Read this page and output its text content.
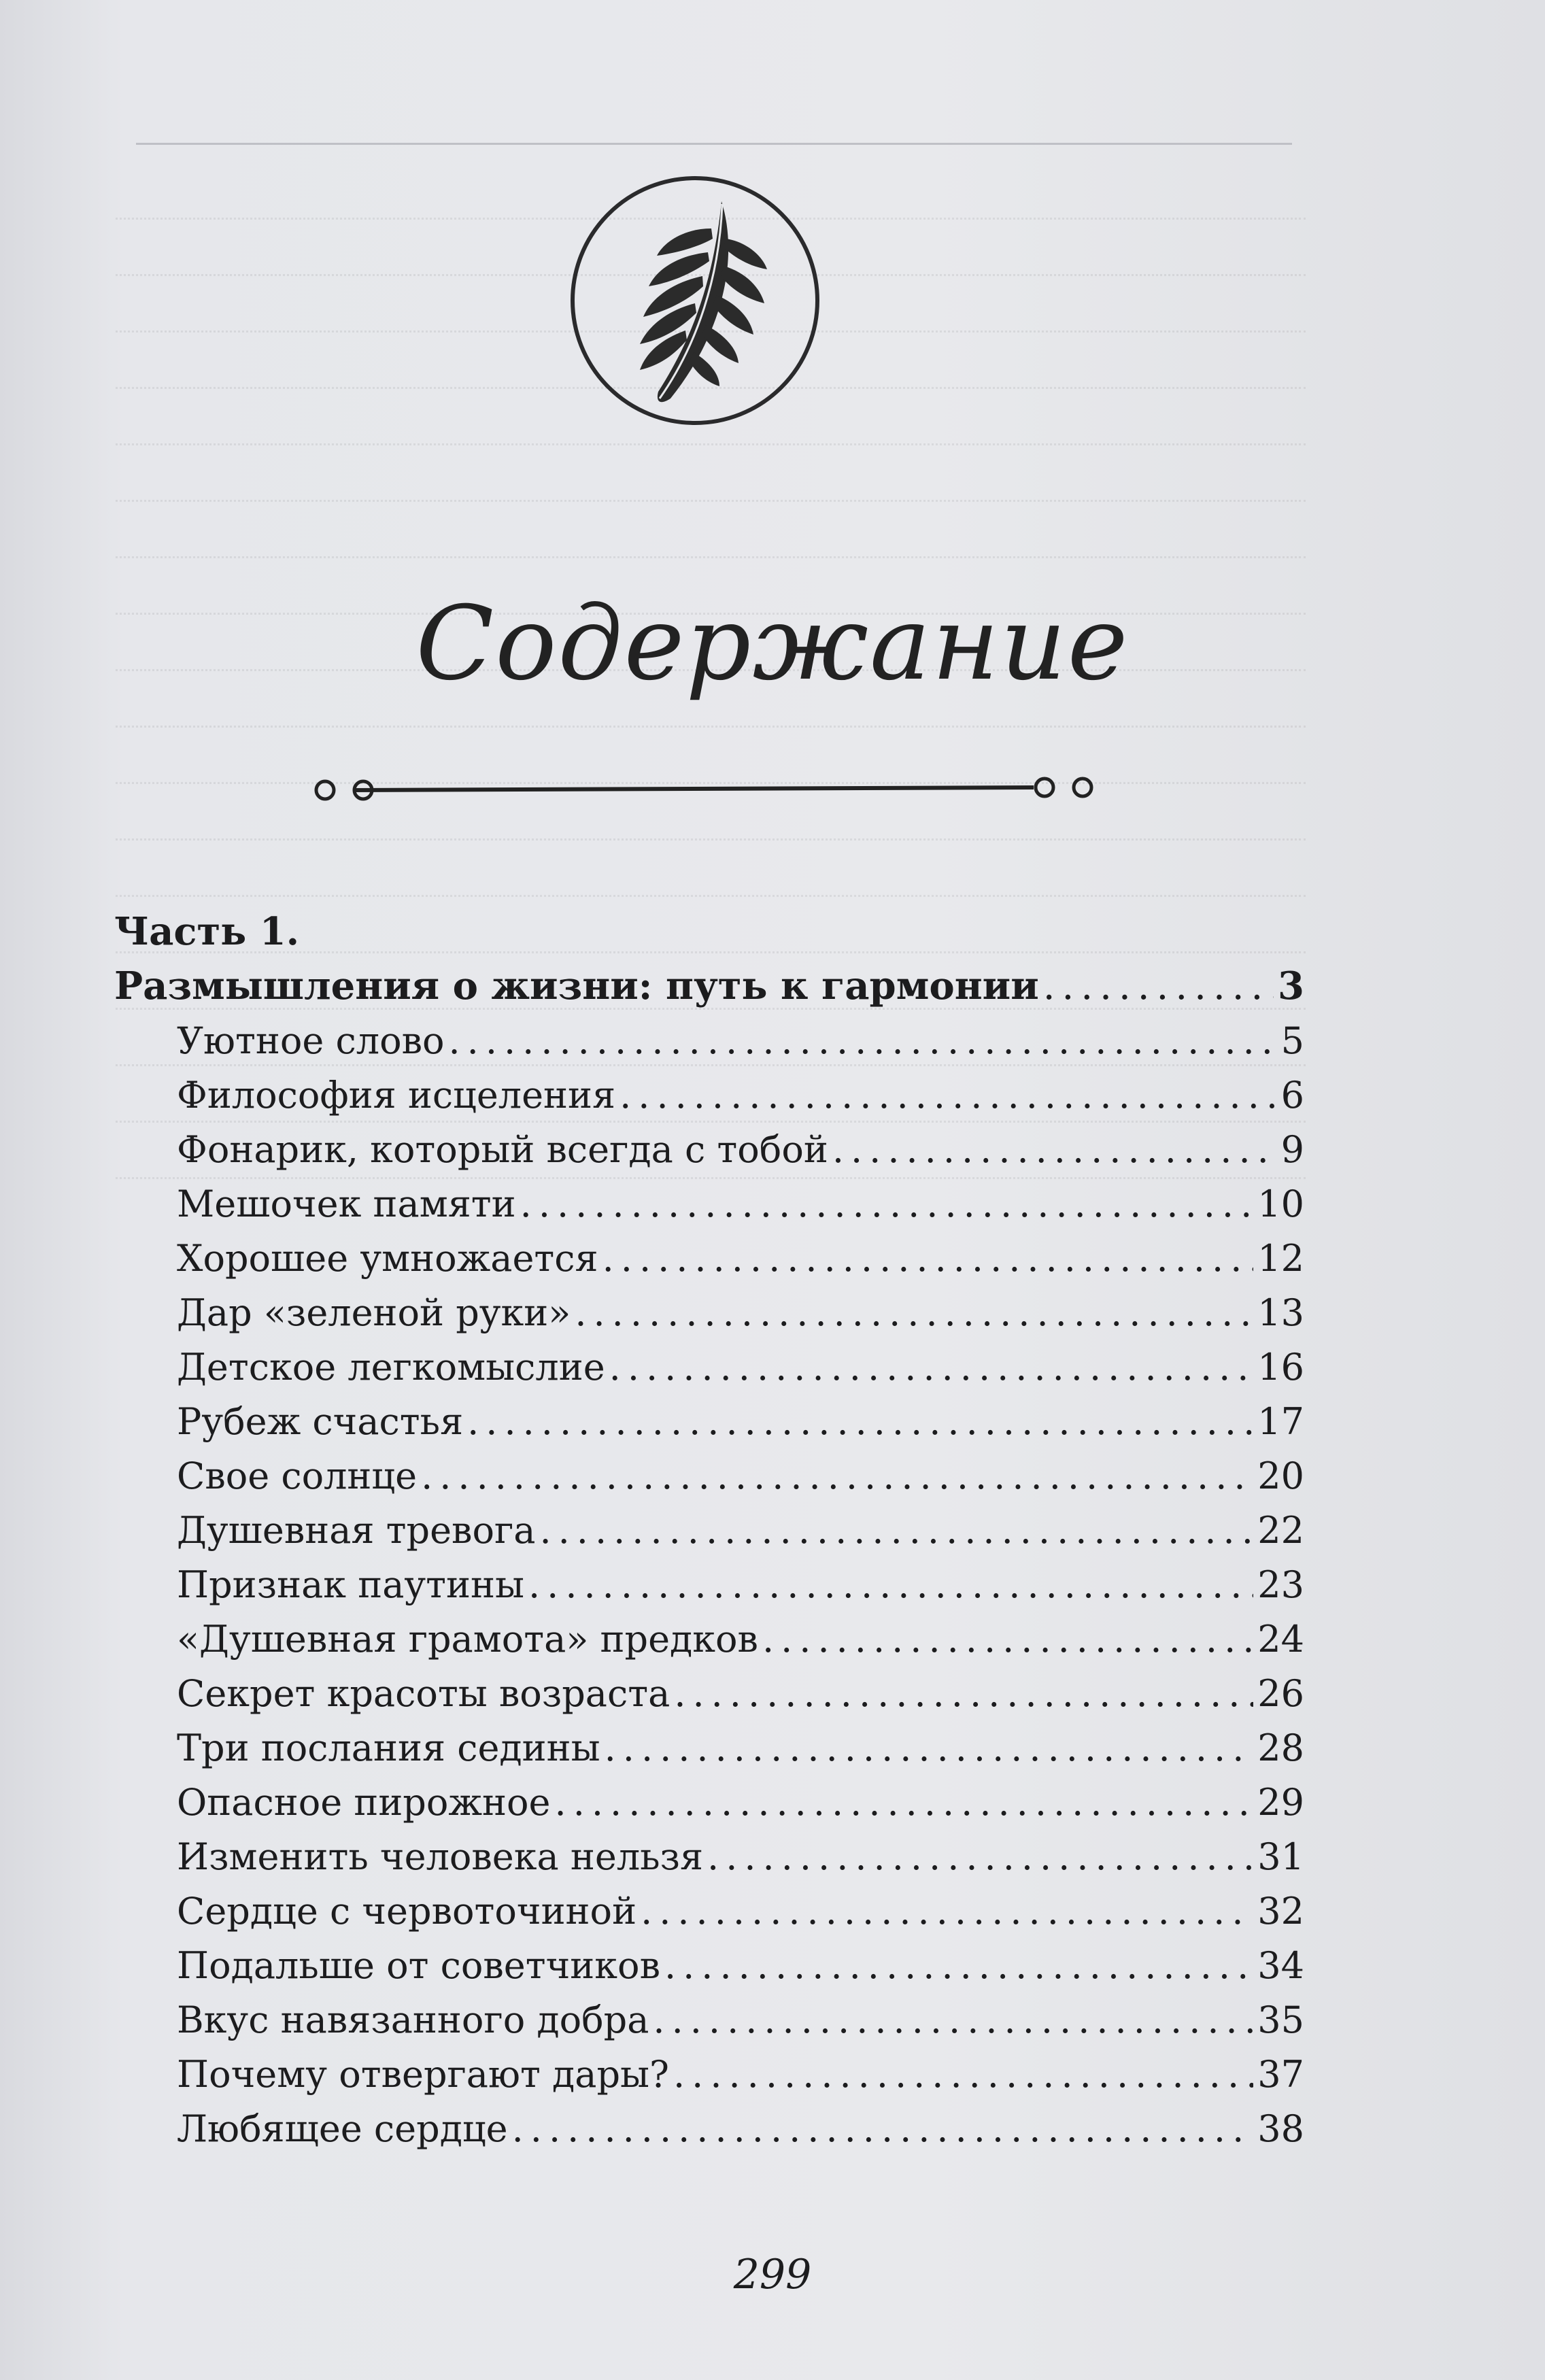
Содержание
Часть 1.
Размышления о жизни: путь к гармонии .....	3
Уютное слово .....	5
Философия исцеления .....	6
Фонарик, который всегда с тобой .....	9
Мешочек памяти .....	10
Хорошее умножается .....	12
Дар «зеленой руки» .....	13
Детское легкомыслие .....	16
Рубеж счастья .....	17
Свое солнце .....	20
Душевная тревога .....	22
Признак паутины .....	23
«Душевная грамота» предков .....	24
Секрет красоты возраста .....	26
Три послания седины .....	28
Опасное пирожное .....	29
Изменить человека нельзя .....	31
Сердце с червоточиной .....	32
Подальше от советчиков .....	34
Вкус навязанного добра .....	35
Почему отвергают дары? .....	37
Любящее сердце .....	38
299
